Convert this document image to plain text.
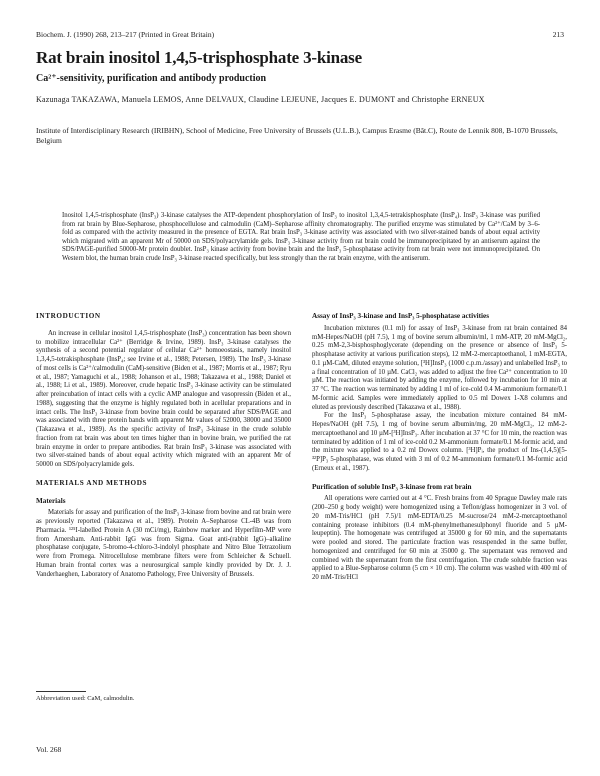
Biochem. J. (1990) 268, 213–217 (Printed in Great Britain)	213
Rat brain inositol 1,4,5-trisphosphate 3-kinase
Ca²⁺-sensitivity, purification and antibody production
Kazunaga TAKAZAWA, Manuela LEMOS, Anne DELVAUX, Claudine LEJEUNE, Jacques E. DUMONT and Christophe ERNEUX
Institute of Interdisciplinary Research (IRIBHN), School of Medicine, Free University of Brussels (U.L.B.), Campus Erasme (Bât.C), Route de Lennik 808, B-1070 Brussels, Belgium
Inositol 1,4,5-trisphosphate (InsP₃) 3-kinase catalyses the ATP-dependent phosphorylation of InsP₃ to inositol 1,3,4,5-tetrakisphosphate (InsP₄). InsP₃ 3-kinase was purified from rat brain by Blue-Sepharose, phosphocellulose and calmodulin (CaM)–Sepharose affinity chromatography. The purified enzyme was stimulated by Ca²⁺/CaM by 3–6-fold as compared with the activity measured in the presence of EGTA. Rat brain InsP₃ 3-kinase activity was associated with two silver-stained bands of about equal activity which migrated with an apparent Mr of 50000 on SDS/polyacrylamide gels. InsP₃ 3-kinase activity from rat brain could be immunoprecipitated by an antiserum against the SDS/PAGE-purified 50000-Mr protein doublet. InsP₃ kinase activity from bovine brain and the InsP₃ 5-phosphatase activity from rat brain were not immunoprecipitated. On Western blot, the human brain crude InsP₃ 3-kinase reacted specifically, but less strongly than the rat brain enzyme, with the antiserum.
INTRODUCTION

An increase in cellular inositol 1,4,5-trisphosphate (InsP₃) concentration has been shown to mobilize intracellular Ca²⁺ (Berridge & Irvine, 1989). InsP₃ 3-kinase catalyses the synthesis of a second potential regulator of cellular Ca²⁺ homoeostasis, namely inositol 1,3,4,5-tetrakisphosphate (InsP₄; see Irvine et al., 1988; Petersen, 1989). The InsP₃ 3-kinase of most cells is Ca²⁺/calmodulin (CaM)-sensitive (Biden et al., 1987; Morris et al., 1987; Ryu et al., 1987; Yamaguchi et al., 1988; Johanson et al., 1988; Takazawa et al., 1988; Daniel et al., 1988; Li et al., 1989). Moreover, crude hepatic InsP₃ 3-kinase activity can be stimulated after preincubation of intact cells with a cyclic AMP analogue and vasopressin (Biden et al., 1988), suggesting that the enzyme is highly regulated both in acellular preparations and in intact cells. The InsP₃ 3-kinase from bovine brain could be separated after SDS/PAGE and was associated with three protein bands with apparent Mr values of 52000, 38000 and 35000 (Takazawa et al., 1989). As the specific activity of InsP₃ 3-kinase in the crude soluble fraction from rat brain was about ten times higher than in bovine brain, we purified the rat brain enzyme in order to prepare antibodies. Rat brain InsP₃ 3-kinase was associated with two silver-stained bands of about equal activity which migrated with an apparent Mr of 50000 on SDS/polyacrylamide gels.

MATERIALS AND METHODS
Materials

Materials for assay and purification of the InsP₃ 3-kinase from bovine and rat brain were as previously reported (Takazawa et al., 1989). Protein A–Sepharose CL-4B was from Pharmacia. ¹²⁵I-labelled Protein A (30 mCi/mg), Rainbow marker and Hyperfilm-MP were from Amersham. Anti-rabbit IgG was from Sigma. Goat anti-(rabbit IgG)–alkaline phosphatase conjugate, 5-bromo-4-chloro-3-indolyl phosphate and Nitro Blue Tetrazolium were from Promega. Nitrocellulose membrane filters were from Schleicher & Schuell. Human brain frontal cortex was a neurosurgical sample kindly provided by Dr. J. J. Vanderhaeghen, Laboratory of Anatomo Pathology, Free University of Brussels.

Assay of InsP₃ 3-kinase and InsP₃ 5-phosphatase activities

Incubation mixtures (0.1 ml) for assay of InsP₃ 3-kinase from rat brain contained 84 mM-Hepes/NaOH (pH 7.5), 1 mg of bovine serum albumin/ml, 1 mM-ATP, 20 mM-MgCl₂, 0.25 mM-2,3-bisphosphoglycerate (depending on the presence or absence of InsP₃ 5-phosphatase activity at various purification steps), 12 mM-2-mercaptoethanol, 1 mM-EGTA, 0.1 µM-CaM, diluted enzyme solution, [³H]InsP₃ (1000 c.p.m./assay) and unlabelled InsP₃ to a final concentration of 10 µM. CaCl₂ was added to adjust the free Ca²⁺ concentration to 10 µM. The reaction was initiated by adding the enzyme, followed by incubation for 10 min at 37 °C. The reaction was terminated by adding 1 ml of ice-cold 0.4 M-ammonium formate/0.1 M-formic acid. Samples were immediately applied to 0.5 ml Dowex 1-X8 columns and eluted as previously described (Takazawa et al., 1988).

For the InsP₃ 5-phosphatase assay, the incubation mixture contained 84 mM-Hepes/NaOH (pH 7.5), 1 mg of bovine serum albumin/mg, 20 mM-MgCl₂, 12 mM-2-mercaptoethanol and 10 µM-[³H]InsP₃. After incubation at 37 °C for 10 min, the reaction was terminated by addition of 1 ml of ice-cold 0.2 M-ammonium formate/0.1 M-formic acid, and the mixture was applied to a 0.2 ml Dowex column. [³H]Pᵢ, the product of Ins-(1,4,5)[5-³²P]P₃ 5-phosphatase, was eluted with 3 ml of 0.2 M-ammonium formate/0.1 M-formic acid (Erneux et al., 1987).

Purification of soluble InsP₃ 3-kinase from rat brain

All operations were carried out at 4 °C. Fresh brains from 40 Sprague Dawley male rats (200–250 g body weight) were homogenized using a Teflon/glass homogenizer in 3 vol. of 20 mM-Tris/HCl (pH 7.5)/1 mM-EDTA/0.25 M-sucrose/24 mM-2-mercaptoethanol containing protease inhibitors (0.4 mM-phenylmethanesulphonyl fluoride and 5 µM-leupeptin). The homogenate was centrifuged at 35000 g for 60 min, and the supernatants were pooled and stored. The particulate fraction was resuspended in the same buffer, homogenized and centrifuged for 60 min at 35000 g. The supernatant was removed and combined with the supernatant from the first centrifugation. The crude soluble fraction was applied to a Blue-Sepharose column (5 cm × 10 cm). The column was washed with 400 ml of 20 mM-Tris/HCl

Abbreviation used: CaM, calmodulin.
Vol. 268
